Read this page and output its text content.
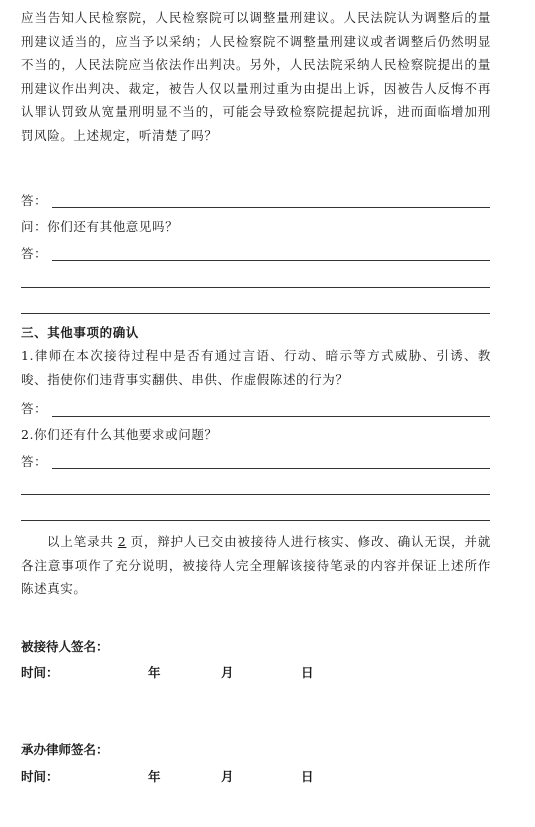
应当告知人民检察院，人民检察院可以调整量刑建议。人民法院认为调整后的量刑建议适当的，应当予以采纳；人民检察院不调整量刑建议或者调整后仍然明显不当的，人民法院应当依法作出判决。另外，人民法院采纳人民检察院提出的量刑建议作出判决、裁定，被告人仅以量刑过重为由提出上诉，因被告人反悔不再认罪认罚致从宽量刑明显不当的，可能会导致检察院提起抗诉，进而面临增加刑罚风险。上述规定，听清楚了吗？

答：
问：你们还有其他意见吗？
答：
三、其他事项的确认

1.律师在本次接待过程中是否有通过言语、行动、暗示等方式威胁、引诱、教唆、指使你们违背事实翻供、串供、作虚假陈述的行为？

答：
2.你们还有什么其他要求或问题？
答：

以上笔录共 2 页，辩护人已交由被接待人进行核实、修改、确认无误，并就各注意事项作了充分说明，被接待人完全理解该接待笔录的内容并保证上述所作陈述真实。

被接待人签名：
时间：	年	月	日
承办律师签名：
时间：	年	月	日
